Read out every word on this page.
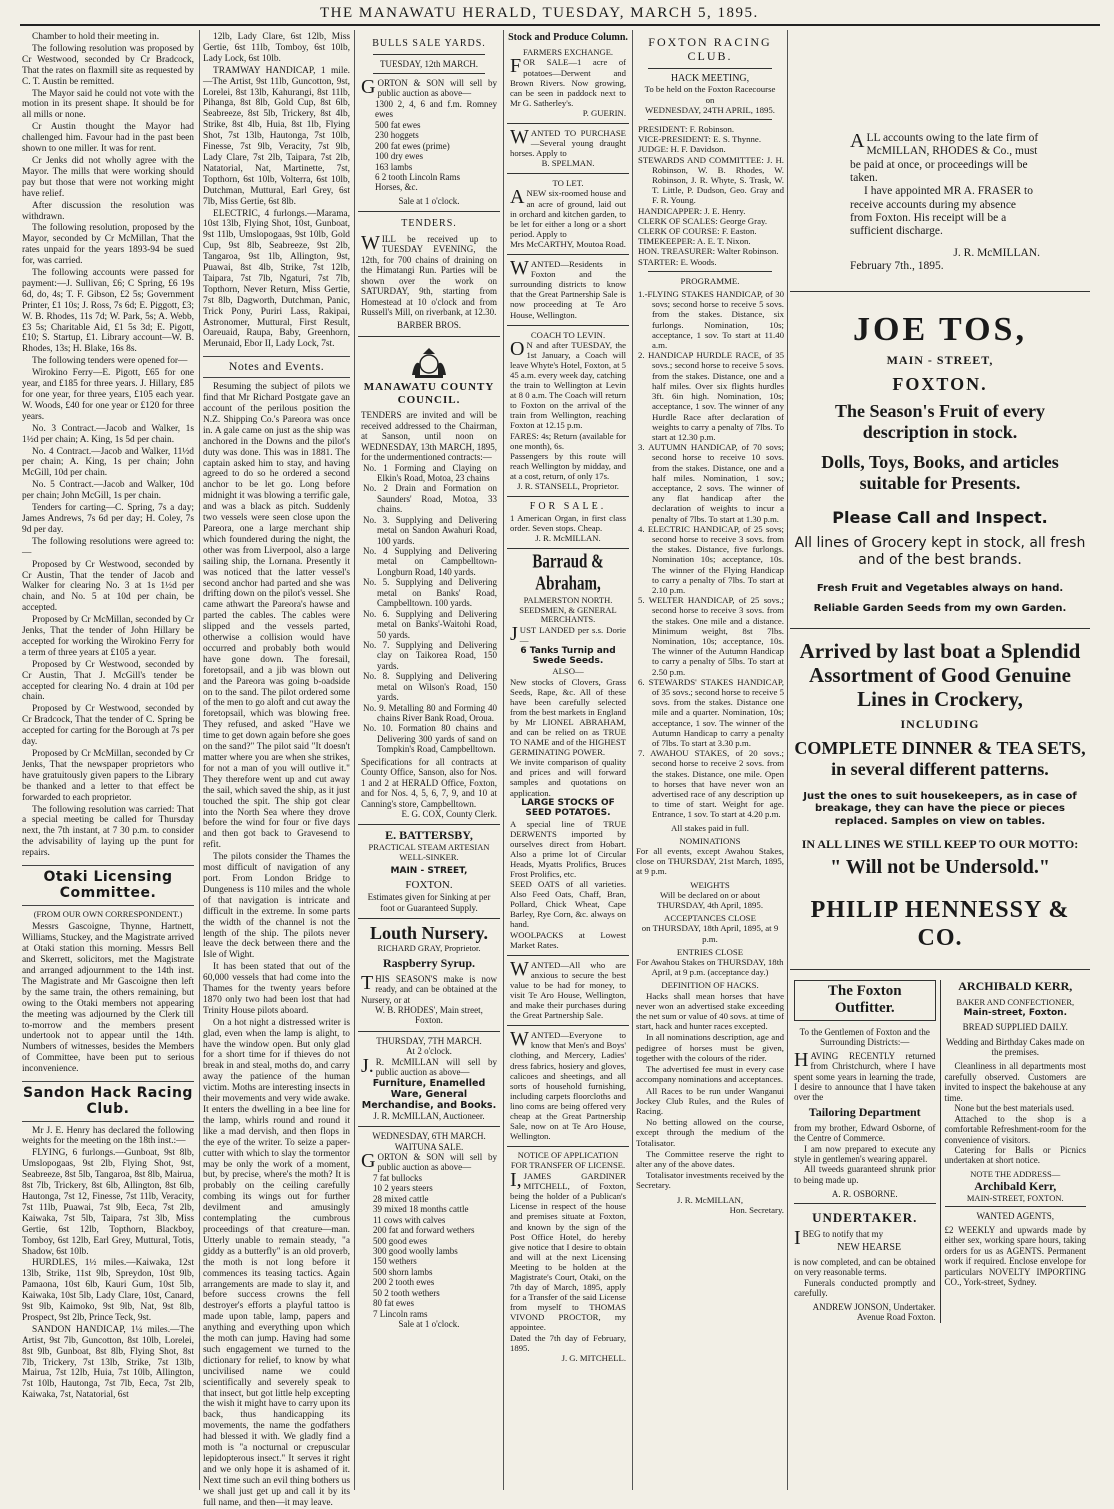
THE MANAWATU HERALD, TUESDAY, MARCH 5, 1895.

Chamber to hold their meeting in.

The following resolution was proposed by Cr Westwood, seconded by Cr Bradcock, That the rates on flaxmill site as requested by C. T. Austin be remitted.

The Mayor said he could not vote with the motion in its present shape. It should be for all mills or none.

Cr Austin thought the Mayor had challenged him. Favour had in the past been shown to one miller. It was for rent.

Cr Jenks did not wholly agree with the Mayor. The mills that were working should pay but those that were not working might have relief.

After discussion the resolution was withdrawn.

The following resolution, proposed by the Mayor, seconded by Cr McMillan, That the rates unpaid for the years 1893-94 be sued for, was carried.

The following accounts were passed for payment:—J. Sullivan, £6; C Spring, £6 19s 6d, do, 4s; T. F. Gibson, £2 5s; Government Printer, £1 10s; J. Ross, 7s 6d; E. Piggott, £3; W. B. Rhodes, 11s 7d; W. Park, 5s; A. Webb, £3 5s; Charitable Aid, £1 5s 3d; E. Pigott, £10; S. Startup, £1. Library account—W. B. Rhodes, 13s; H. Blake, 16s 8s.

The following tenders were opened for—

Wirokino Ferry—E. Pigott, £65 for one year, and £185 for three years. J. Hillary, £85 for one year, for three years, £105 each year. W. Woods, £40 for one year or £120 for three years.

No. 3 Contract.—Jacob and Walker, 1s 1½d per chain; A. King, 1s 5d per chain.

No. 4 Contract.—Jacob and Walker, 11½d per chain; A. King, 1s per chain; John McGill, 10d per chain.

No. 5 Contract.—Jacob and Walker, 10d per chain; John McGill, 1s per chain.

Tenders for carting—C. Spring, 7s a day; James Andrews, 7s 6d per day; H. Coley, 7s 9d per day.

The following resolutions were agreed to:—

Proposed by Cr Westwood, seconded by Cr Austin, That the tender of Jacob and Walker for clearing No. 3 at 1s 1½d per chain, and No. 5 at 10d per chain, be accepted.

Proposed by Cr McMillan, seconded by Cr Jenks, That the tender of John Hillary be accepted for working the Wirokino Ferry for a term of three years at £105 a year.

Proposed by Cr Westwood, seconded by Cr Austin, That J. McGill's tender be accepted for clearing No. 4 drain at 10d per chain.

Proposed by Cr Westwood, seconded by Cr Bradcock, That the tender of C. Spring be accepted for carting for the Borough at 7s per day.

Proposed by Cr McMillan, seconded by Cr Jenks, That the newspaper proprietors who have gratuitously given papers to the Library be thanked and a letter to that effect be forwarded to each proprietor.

The following resolution was carried: That a special meeting be called for Thursday next, the 7th instant, at 7 30 p.m. to consider the advisability of laying up the punt for repairs.

Otaki Licensing Committee.
(FROM OUR OWN CORRESPONDENT.)

Messrs Gascoigne, Thynne, Hartnett, Williams, Stuckey, and the Magistrate arrived at Otaki station this morning. Messrs Bell and Skerrett, solicitors, met the Magistrate and arranged adjournment to the 14th inst. The Magistrate and Mr Gascoigne then left by the same train, the others remaining, but owing to the Otaki members not appearing the meeting was adjourned by the Clerk till to-morrow and the members present undertook not to appear until the 14th. Numbers of witnesses, besides the Members of Committee, have been put to serious inconvenience.

Sandon Hack Racing Club.

Mr J. E. Henry has declared the following weights for the meeting on the 18th inst.:—

FLYING, 6 furlongs.—Gunboat, 9st 8lb, Umslopogaas, 9st 2lb, Flying Shot, 9st, Seabreeze, 8st 5lb, Tangaroa, 8st 8lb, Mairua, 8st 7lb, Trickery, 8st 6lb, Allington, 8st 6lb, Hautonga, 7st 12, Finesse, 7st 11lb, Veracity, 7st 11lb, Puawai, 7st 9lb, Eeca, 7st 2lb, Kaiwaka, 7st 5lb, Taipara, 7st 3lb, Miss Gertie, 6st 12lb, Topthorn, Blackboy, Tomboy, 6st 12lb, Earl Grey, Muttural, Totis, Shadow, 6st 10lb.

HURDLES, 1½ miles.—Kaiwaka, 12st 13lb, Strike, 11st 9lb, Spreydon, 10st 9lb, Pamaona, 10st 6lb, Kauri Gum, 10st 5lb, Kaiwaka, 10st 5lb, Lady Clare, 10st, Canard, 9st 9lb, Kaimoko, 9st 9lb, Nat, 9st 8lb, Prospect, 9st 2lb, Prince Teck, 9st.

SANDON HANDICAP, 1¼ miles.—The Artist, 9st 7lb, Guncotton, 8st 10lb, Lorelei, 8st 9lb, Gunboat, 8st 8lb, Flying Shot, 8st 7lb, Trickery, 7st 13lb, Strike, 7st 13lb, Mairua, 7st 12lb, Huia, 7st 10lb, Allington, 7st 10lb, Hautonga, 7st 7lb, Eeca, 7st 2lb, Kaiwaka, 7st, Natatorial, 6st

12lb, Lady Clare, 6st 12lb, Miss Gertie, 6st 11lb, Tomboy, 6st 10lb, Lady Lock, 6st 10lb.

TRAMWAY HANDICAP, 1 mile.—The Artist, 9st 11lb, Guncotton, 9st, Lorelei, 8st 13lb, Kahurangi, 8st 11lb, Pihanga, 8st 8lb, Gold Cup, 8st 6lb, Seabreeze, 8st 5lb, Trickery, 8st 4lb, Strike, 8st 4lb, Huia, 8st 1lb, Flying Shot, 7st 13lb, Hautonga, 7st 10lb, Finesse, 7st 9lb, Veracity, 7st 9lb, Lady Clare, 7st 2lb, Taipara, 7st 2lb, Natatorial, Nat, Martinette, 7st, Topthorn, 6st 10lb, Volterra, 6st 10lb, Dutchman, Muttural, Earl Grey, 6st 7lb, Miss Gertie, 6st 8lb.

ELECTRIC, 4 furlongs.—Marama, 10st 13lb, Flying Shot, 10st, Gunboat, 9st 11lb, Umslopogaas, 9st 10lb, Gold Cup, 9st 8lb, Seabreeze, 9st 2lb, Tangaroa, 9st 1lb, Allington, 9st, Puawai, 8st 4lb, Strike, 7st 12lb, Taipara, 7st 7lb, Ngaturi, 7st 7lb, Topthorn, Never Return, Miss Gertie, 7st 8lb, Dagworth, Dutchman, Panic, Trick Pony, Puriri Lass, Rakipai, Astronomer, Muttural, First Result, Oareuaid, Raupa, Baby, Greenhorn, Merunaid, Ebor II, Lady Lock, 7st.

Notes and Events.

Resuming the subject of pilots we find that Mr Richard Postgate gave an account of the perilous position the N.Z. Shipping Co.'s Pareora was once in. A gale came on just as the ship was anchored in the Downs and the pilot's duty was done. This was in 1881. The captain asked him to stay, and having agreed to do so he ordered a second anchor to be let go. Long before midnight it was blowing a terrific gale, and was a black as pitch. Suddenly two vessels were seen close upon the Pareora, one a large merchant ship which foundered during the night, the other was from Liverpool, also a large sailing ship, the Lornana. Presently it was noticed that the latter vessel's second anchor had parted and she was drifting down on the pilot's vessel. She came athwart the Pareora's hawse and parted the cables. The cables were slipped and the vessels parted, otherwise a collision would have occurred and probably both would have gone down. The foresail, foretopsail, and a jib was blown out and the Pareora was going b-oadside on to the sand. The pilot ordered some of the men to go aloft and cut away the foretopsail, which was blowing free. They refused, and asked "Have we time to get down again before she goes on the sand?" The pilot said "It doesn't matter where you are when she strikes, for not a man of you will outlive it." They therefore went up and cut away the sail, which saved the ship, as it just touched the spit. The ship got clear into the North Sea where they drove before the wind for four or five days and then got back to Gravesend to refit.

The pilots consider the Thames the most difficult of navigation of any port. From London Bridge to Dungeness is 110 miles and the whole of that navigation is intricate and difficult in the extreme. In some parts the width of the channel is not the length of the ship. The pilots never leave the deck between there and the Isle of Wight.

It has been stated that out of the 60,000 vessels that had come into the Thames for the twenty years before 1870 only two had been lost that had Trinity House pilots aboard.

On a hot night a distressed writer is glad, even when the lamp is alight, to have the window open. But only glad for a short time for if thieves do not break in and steal, moths do, and carry away the patience of the human victim. Moths are interesting insects in their movements and very wide awake. It enters the dwelling in a bee line for the lamp, whirls round and round it like a mad dervish, and then flops in the eye of the writer. To seize a paper-cutter with which to slay the tormentor may be only the work of a moment, but, by precise, where's the moth? It is probably on the ceiling carefully combing its wings out for further devilment and amusingly contemplating the cumbrous proceedings of that creature—man. Utterly unable to remain steady, "a giddy as a butterfly" is an old proverb, the moth is not long before it commences its teasing tactics. Again arrangements are made to slay it, and before success crowns the fell destroyer's efforts a playful tattoo is made upon table, lamp, papers and anything and everything upon which the moth can jump. Having had some such engagement we turned to the dictionary for relief, to know by what uncivilised name we could scientifically and severely speak to that insect, but got little help excepting the wish it might have to carry upon its back, thus handicapping its movements, the name the godfathers had blessed it with. We gladly find a moth is "a nocturnal or crepuscular lepidopterous insect." It serves it right and we only hope it is ashamed of it. Next time such an evil thing bothers us we shall just get up and call it by its full name, and then—it may leave.

BULLS SALE YARDS.
TUESDAY, 12th MARCH.

GORTON & SON will sell by public auction as above—

1300 2, 4, 6 and f.m. Romney ewes

500 fat ewes

230 hoggets

200 fat ewes (prime)

100 dry ewes

163 lambs

6 2 tooth Lincoln Rams

Horses, &c.

Sale at 1 o'clock.
TENDERS.

WILL be received up to TUESDAY EVENING, the 12th, for 700 chains of draining on the Himatangi Run. Parties will be shown over the work on SATURDAY, 9th, starting from Homestead at 10 o'clock and from Russell's Mill, on riverbank, at 12.30.

BARBER BROS.
MANAWATU COUNTY COUNCIL.

TENDERS are invited and will be received addressed to the Chairman, at Sanson, until noon on WEDNESDAY, 13th MARCH, 1895, for the undermentioned contracts:—

No. 1 Forming and Claying on Elkin's Road, Motoa, 23 chains

No. 2 Drain and Formation on Saunders' Road, Motoa, 33 chains.

No. 3. Supplying and Delivering metal on Sandon Awahuri Road, 100 yards.

No. 4 Supplying and Delivering metal on Campbelltown-Longburn Road, 140 yards.

No. 5. Supplying and Delivering metal on Banks' Road, Campbelltown. 100 yards.

No. 6. Supplying and Delivering metal on Banks'-Waitohi Road, 50 yards.

No. 7. Supplying and Delivering clay on Taikorea Road, 150 yards.

No. 8. Supplying and Delivering metal on Wilson's Road, 150 yards.

No. 9. Metalling 80 and Forming 40 chains River Bank Road, Oroua.

No. 10. Formation 80 chains and Delivering 300 yards of sand on Tompkin's Road, Campbelltown.

Specifications for all contracts at County Office, Sanson, also for Nos. 1 and 2 at HERALD Office, Foxton, and for Nos. 4, 5, 6, 7, 9, and 10 at Canning's store, Campbelltown.

E. G. COX, County Clerk.
E. BATTERSBY,
PRACTICAL STEAM ARTESIAN WELL-SINKER.
MAIN - STREET,
FOXTON.

Estimates given for Sinking at per foot or Guaranteed Supply.

Louth Nursery.
RICHARD GRAY, Proprietor.
Raspberry Syrup.

THIS SEASON'S make is now ready, and can be obtained at the Nursery, or at

W. B. RHODES', Main street, Foxton.
THURSDAY, 7TH MARCH.
At 2 o'clock.

J.R. McMILLAN will sell by public auction as above—

Furniture, Enamelled Ware, General Merchandise, and Books.
J. R. McMILLAN, Auctioneer.
WEDNESDAY, 6TH MARCH.
WAITUNA SALE.

GORTON & SON will sell by public auction as above—

7 fat bullocks

10 2 years steers

28 mixed cattle

39 mixed 18 months cattle

11 cows with calves

200 fat and forward wethers

500 good ewes

300 good woolly lambs

150 wethers

500 shorn lambs

200 2 tooth ewes

50 2 tooth wethers

80 fat ewes

7 Lincoln rams

Sale at 1 o'clock.
Stock and Produce Column.
FARMERS EXCHANGE.

FOR SALE—1 acre of potatoes—Derwent and Brown Rivers. Now growing, can be seen in paddock next to Mr G. Satherley's.

P. GUERIN.

WANTED TO PURCHASE—Several young draught horses. Apply to

B. SPELMAN.
TO LET.

ANEW six-roomed house and an acre of ground, laid out in orchard and kitchen garden, to be let for either a long or a short period. Apply to

Mrs McCARTHY, Moutoa Road.

WANTED—Residents in Foxton and the surrounding districts to know that the Great Partnership Sale is now proceeding at Te Aro House, Wellington.

COACH TO LEVIN.

ON and after TUESDAY, the 1st January, a Coach will leave Whyte's Hotel, Foxton, at 5 45 a.m. every week day, catching the train to Wellington at Levin at 8 0 a.m. The Coach will return to Foxton on the arrival of the train from Wellington, reaching Foxton at 12.15 p.m.

FARES: 4s; Return (available for one month), 6s.

Passengers by this route will reach Wellington by midday, and at a cost, return, of only 17s.

J. R. STANSELL, Proprietor.
FOR SALE.

1 American Organ, in first class order. Seven stops. Cheap.

J. R. McMILLAN.
Barraud & Abraham,
PALMERSTON NORTH.
SEEDSMEN, & GENERAL MERCHANTS.

JUST LANDED per s.s. Dorie—

6 Tanks Turnip and Swede Seeds.
ALSO—

New stocks of Clovers, Grass Seeds, Rape, &c. All of these have been carefully selected from the best markets in England by Mr LIONEL ABRAHAM, and can be relied on as TRUE TO NAME and of the HIGHEST GERMINATING POWER.

We invite comparison of quality and prices and will forward samples and quotations on application.

LARGE STOCKS OF SEED POTATOES.

A special line of TRUE DERWENTS imported by ourselves direct from Hobart. Also a prime lot of Circular Heads, Myatts Prolifics, Bruces Frost Prolifics, etc.

SEED OATS of all varieties. Also Feed Oats, Chaff, Bran, Pollard, Chick Wheat, Cape Barley, Rye Corn, &c. always on hand.

WOOLPACKS at Lowest Market Rates.

WANTED—All who are anxious to secure the best value to be had for money, to visit Te Aro House, Wellington, and make their purchases during the Great Partnership Sale.

WANTED—Everyone to know that Men's and Boys' clothing, and Mercery, Ladies' dress fabrics, hosiery and gloves, calicoes and sheetings, and all sorts of household furnishing, including carpets floorcloths and lino coms are being offered very cheap at the Great Partnership Sale, now on at Te Aro House, Wellington.

NOTICE OF APPLICATION FOR TRANSFER OF LICENSE.

I,JAMES GARDINER MITCHELL, of Foxton, being the holder of a Publican's License in respect of the house and premises situate at Foxton, and known by the sign of the Post Office Hotel, do hereby give notice that I desire to obtain and will at the next Licensing Meeting to be holden at the Magistrate's Court, Otaki, on the 7th day of March, 1895, apply for a Transfer of the said License from myself to THOMAS VIVOND PROCTOR, my appointee.

Dated the 7th day of February, 1895.

J. G. MITCHELL.
FOXTON RACING CLUB.
HACK MEETING,
To be held on the Foxton Racecourse
on
WEDNESDAY, 24TH APRIL, 1895.

PRESIDENT: F. Robinson.

VICE-PRESIDENT: E. S. Thynne.

JUDGE: H. F. Davidson.

STEWARDS AND COMMITTEE: J. H. Robinson, W. B. Rhodes, W. Robinson, J. R. Whyte, S. Trask, W. T. Little, P. Dudson, Geo. Gray and F. R. Young.

HANDICAPPER: J. E. Henry.

CLERK OF SCALES: George Gray.

CLERK OF COURSE: F. Easton.

TIMEKEEPER: A. E. T. Nixon.

HON. TREASURER: Walter Robinson.

STARTER: E. Woods.

PROGRAMME.

1.-FLYING STAKES HANDICAP, of 30 sovs; second horse to receive 5 sovs. from the stakes. Distance, six furlongs. Nomination, 10s; acceptance, 1 sov. To start at 11.40 a.m.

2. HANDICAP HURDLE RACE, of 35 sovs.; second horse to receive 5 sovs. from the stakes. Distance, one and a half miles. Over six flights hurdles 3ft. 6in high. Nomination, 10s; acceptance, 1 sov. The winner of any Hurdle Race after declaration of weights to carry a penalty of 7lbs. To start at 12.30 p.m.

3. AUTUMN HANDICAP, of 70 sovs; second horse to receive 10 sovs. from the stakes. Distance, one and a half miles. Nomination, 1 sov.; acceptance, 2 sovs. The winner of any flat handicap after the declaration of weights to incur a penalty of 7lbs. To start at 1.30 p.m.

4. ELECTRIC HANDICAP, of 25 sovs; second horse to receive 3 sovs. from the stakes. Distance, five furlongs. Nomination 10s; acceptance, 10s. The winner of the Flying Handicap to carry a penalty of 7lbs. To start at 2.10 p.m.

5. WELTER HANDICAP, of 25 sovs.; second horse to receive 3 sovs. from the stakes. One mile and a distance. Minimum weight, 8st 7lbs. Nomination, 10s; acceptance, 10s. The winner of the Autumn Handicap to carry a penalty of 5lbs. To start at 2.50 p.m.

6. STEWARDS' STAKES HANDICAP, of 35 sovs.; second horse to receive 5 sovs. from the stakes. Distance one mile and a quarter. Nomination, 10s; acceptance, 1 sov. The winner of the Autumn Handicap to carry a penalty of 7lbs. To start at 3.30 p.m.

7. AWAHOU STAKES, of 20 sovs.; second horse to receive 2 sovs. from the stakes. Distance, one mile. Open to horses that have never won an advertised race of any description up to time of start. Weight for age. Entrance, 1 sov. To start at 4.20 p.m.

All stakes paid in full.
NOMINATIONS

For all events, except Awahou Stakes, close on THURSDAY, 21st March, 1895, at 9 p.m.

WEIGHTS

Will be declared on or about THURSDAY, 4th April, 1895.

ACCEPTANCES CLOSE

on THURSDAY, 18th April, 1895, at 9 p.m.

ENTRIES CLOSE

For Awahou Stakes on THURSDAY, 18th April, at 9 p.m. (acceptance day.)

DEFINITION OF HACKS.

Hacks shall mean horses that have never won an advertised stake exceeding the net sum or value of 40 sovs. at time of start, hack and hunter races excepted.

In all nominations description, age and pedigree of horses must be given, together with the colours of the rider.

The advertised fee must in every case accompany nominations and acceptances.

All Races to be run under Wanganui Jockey Club Rules, and the Rules of Racing.

No betting allowed on the course, except through the medium of the Totalisator.

The Committee reserve the right to alter any of the above dates.

Totalisator investments received by the Secretary.

J. R. McMILLAN,
Hon. Secretary.

ALL accounts owing to the late firm of McMILLAN, RHODES & Co., must be paid at once, or proceedings will be taken.

I have appointed MR A. FRASER to receive accounts during my absence from Foxton. His receipt will be a sufficient discharge.

J. R. McMILLAN.
February 7th., 1895.
JOE TOS,
MAIN - STREET,
FOXTON.
The Season's Fruit of every description in stock.
Dolls, Toys, Books, and articles suitable for Presents.
Please Call and Inspect.
All lines of Grocery kept in stock, all fresh and of the best brands.
Fresh Fruit and Vegetables always on hand.
Reliable Garden Seeds from my own Garden.
Arrived by last boat a Splendid Assortment of Good Genuine Lines in Crockery,
INCLUDING
COMPLETE DINNER & TEA SETS, in several different patterns.
Just the ones to suit housekeepers, as in case of breakage, they can have the piece or pieces replaced. Samples on view on tables.
IN ALL LINES WE STILL KEEP TO OUR MOTTO:
" Will not be Undersold."
PHILIP HENNESSY & CO.
The Foxton Outfitter.

To the Gentlemen of Foxton and the Surrounding Districts:—

HAVING RECENTLY returned from Christchurch, where I have spent some years in learning the trade, I desire to announce that I have taken over the

Tailoring Department

from my brother, Edward Osborne, of the Centre of Commerce.

I am now prepared to execute any style in gentlemen's wearing apparel.

All tweeds guaranteed shrunk prior to being made up.

A. R. OSBORNE.
UNDERTAKER.

IBEG to notify that my

NEW HEARSE

is now completed, and can be obtained on very reasonable terms.

Funerals conducted promptly and carefully.

ANDREW JONSON, Undertaker. Avenue Road Foxton.
ARCHIBALD KERR,
BAKER AND CONFECTIONER,
Main-street, Foxton.
BREAD SUPPLIED DAILY.

Wedding and Birthday Cakes made on the premises.

Cleanliness in all departments most carefully observed. Customers are invited to inspect the bakehouse at any time.

None but the best materials used.

Attached to the shop is a comfortable Refreshment-room for the convenience of visitors.

Catering for Balls or Picnics undertaken at short notice.

NOTE THE ADDRESS—
Archibald Kerr,
MAIN-STREET, FOXTON.
WANTED AGENTS,

£2 WEEKLY and upwards made by either sex, working spare hours, taking orders for us as AGENTS. Permanent work if required. Enclose envelope for particulars NOVELTY IMPORTING CO., York-street, Sydney.
